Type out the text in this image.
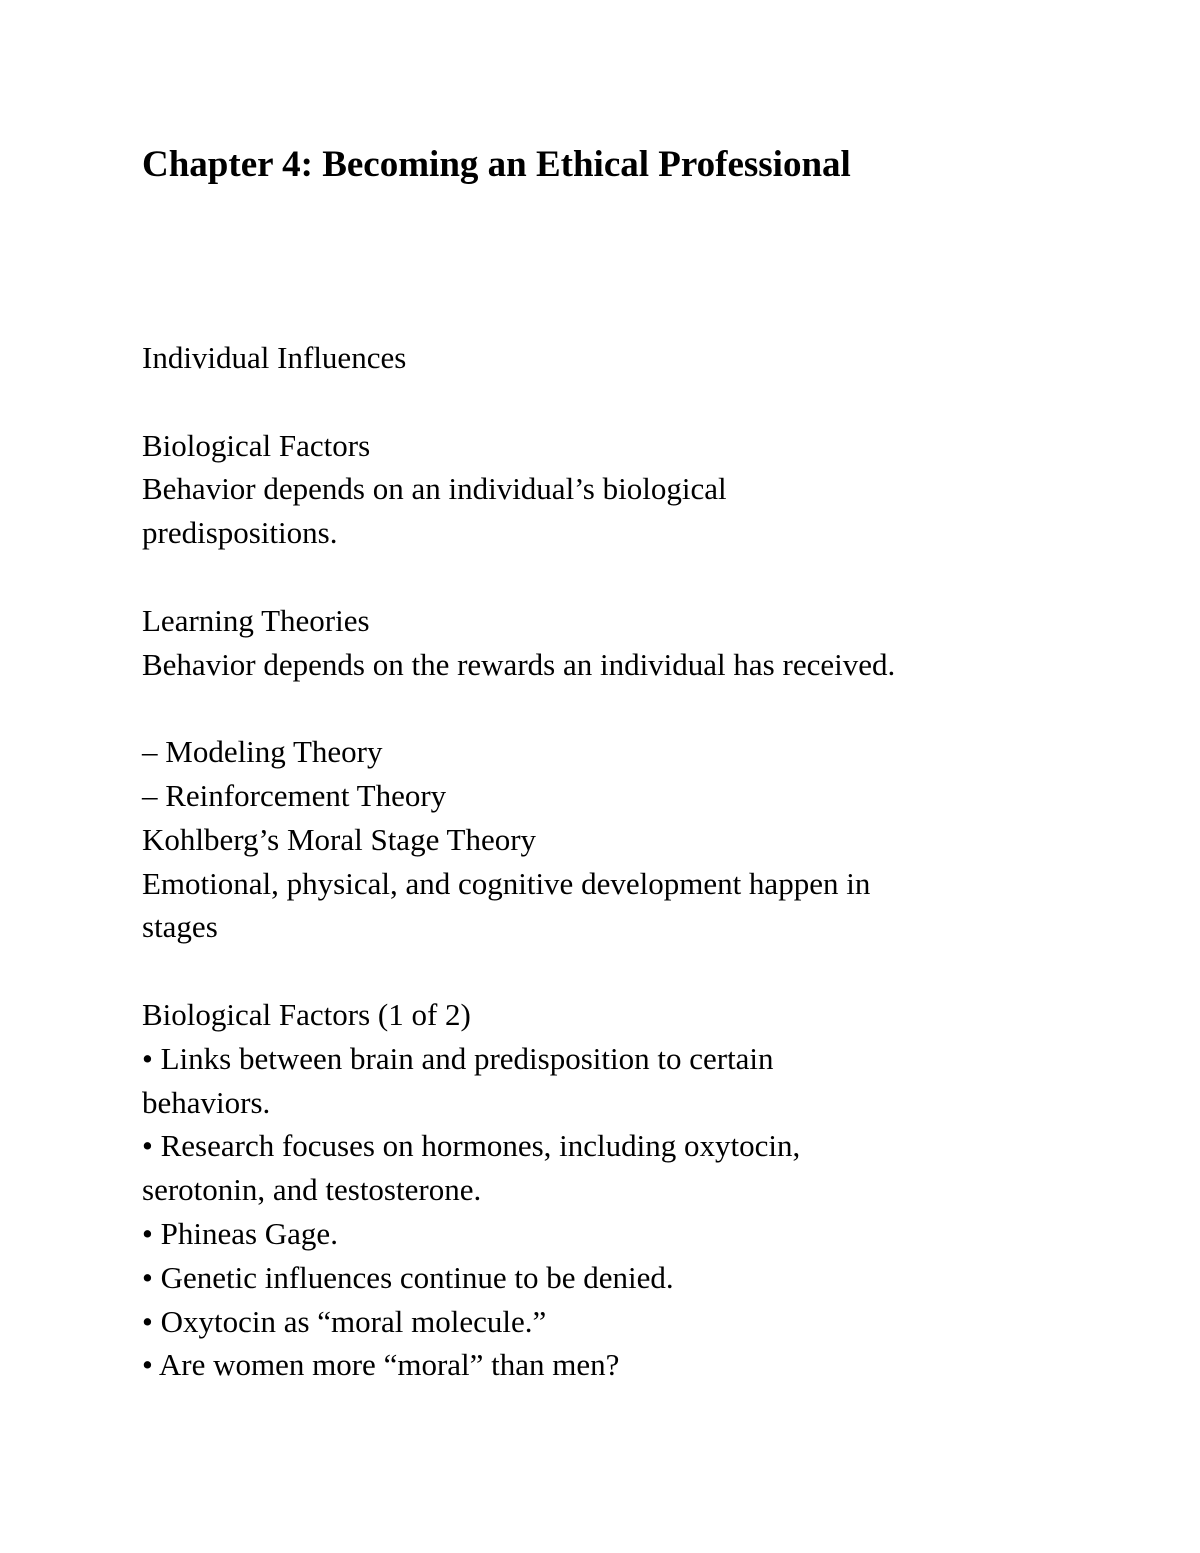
Chapter 4: Becoming an Ethical Professional
Individual Influences
Biological Factors
Behavior depends on an individual’s biological
predispositions.
Learning Theories
Behavior depends on the rewards an individual has received.
– Modeling Theory
– Reinforcement Theory
Kohlberg’s Moral Stage Theory
Emotional, physical, and cognitive development happen in
stages
Biological Factors (1 of 2)
• Links between brain and predisposition to certain
behaviors.
• Research focuses on hormones, including oxytocin,
serotonin, and testosterone.
• Phineas Gage.
• Genetic influences continue to be denied.
• Oxytocin as “moral molecule.”
• Are women more “moral” than men?
